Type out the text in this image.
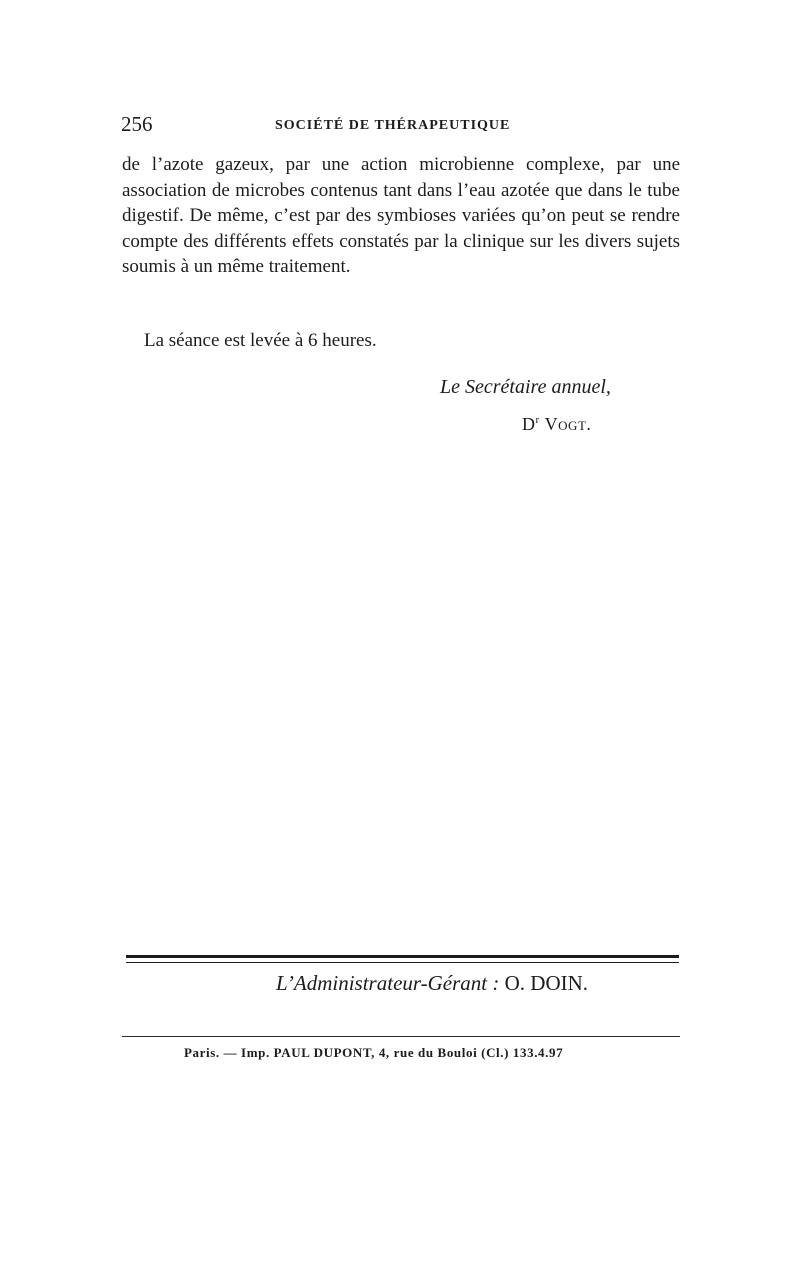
256	SOCIÉTÉ DE THÉRAPEUTIQUE

de l’azote gazeux, par une action microbienne complexe, par une association de microbes contenus tant dans l’eau azotée que dans le tube digestif. De même, c’est par des symbioses variées qu’on peut se rendre compte des différents effets constatés par la clinique sur les divers sujets soumis à un même traitement.

La séance est levée à 6 heures.
Le Secrétaire annuel,
$D^r$ Vogt.
L’Administrateur-Gérant : O. DOIN.
Paris. — Imp. PAUL DUPONT, 4, rue du Bouloi (Cl.) 133.4.97
